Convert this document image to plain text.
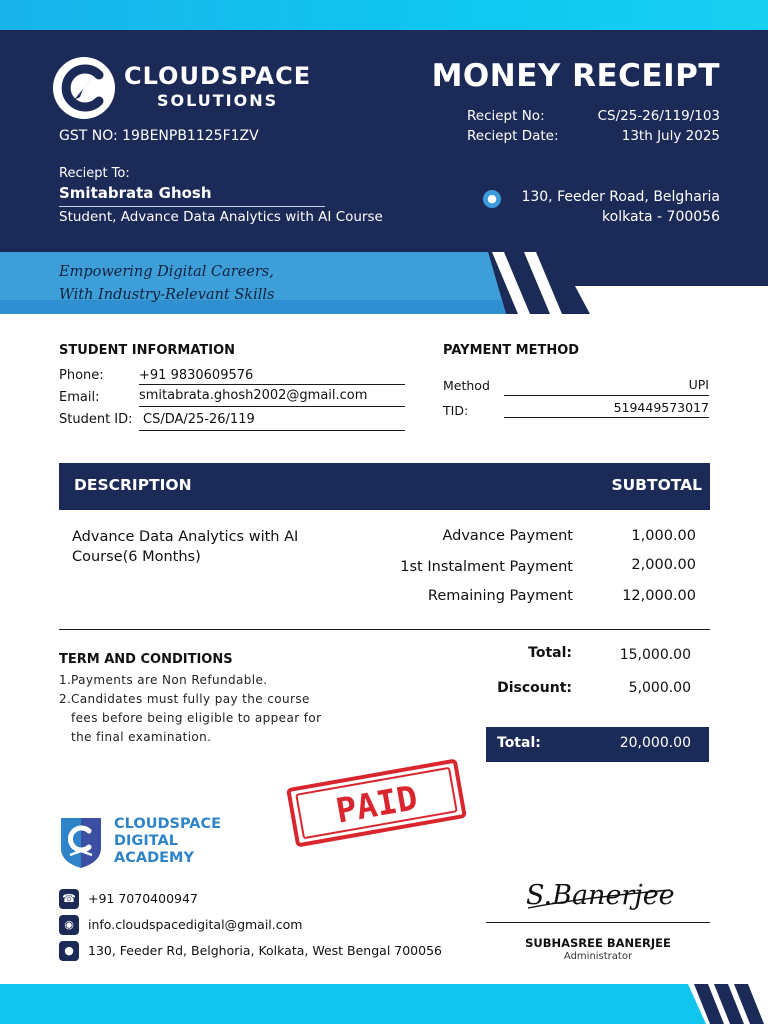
CLOUDSPACE
SOLUTIONS
GST NO: 19BENPB1125F1ZV
MONEY RECEIPT
Reciept No:	CS/25-26/119/103
Reciept Date:	13th July 2025
Reciept To:
Smitabrata Ghosh
Student, Advance Data Analytics with AI Course
●	130, Feeder Road, Belgharia
kolkata - 700056
Empowering Digital Careers,
With Industry-Relevant Skills
STUDENT INFORMATION
Phone:	+91 9830609576
Email:	smitabrata.ghosh2002@gmail.com
Student ID: CS/DA/25-26/119
PAYMENT METHOD
Method	UPI
TID:	519449573017
DESCRIPTION	SUBTOTAL
Advance Data Analytics with AI Course(6 Months)
Advance Payment	1,000.00
1st Instalment Payment	2,000.00
Remaining Payment	12,000.00
TERM AND CONDITIONS
1. Payments are Non Refundable.
2. Candidates must fully pay the course fees before being eligible to appear for the final examination.
Total:	15,000.00
Discount:	5,000.00
Total:	20,000.00
PAID
CLOUDSPACE
DIGITAL
ACADEMY
☎ +91 7070400947
◉	info.cloudspacedigital@gmail.com
●	130, Feeder Rd, Belghoria, Kolkata, West Bengal 700056
S.Banerjee
SUBHASREE BANERJEE
Administrator
